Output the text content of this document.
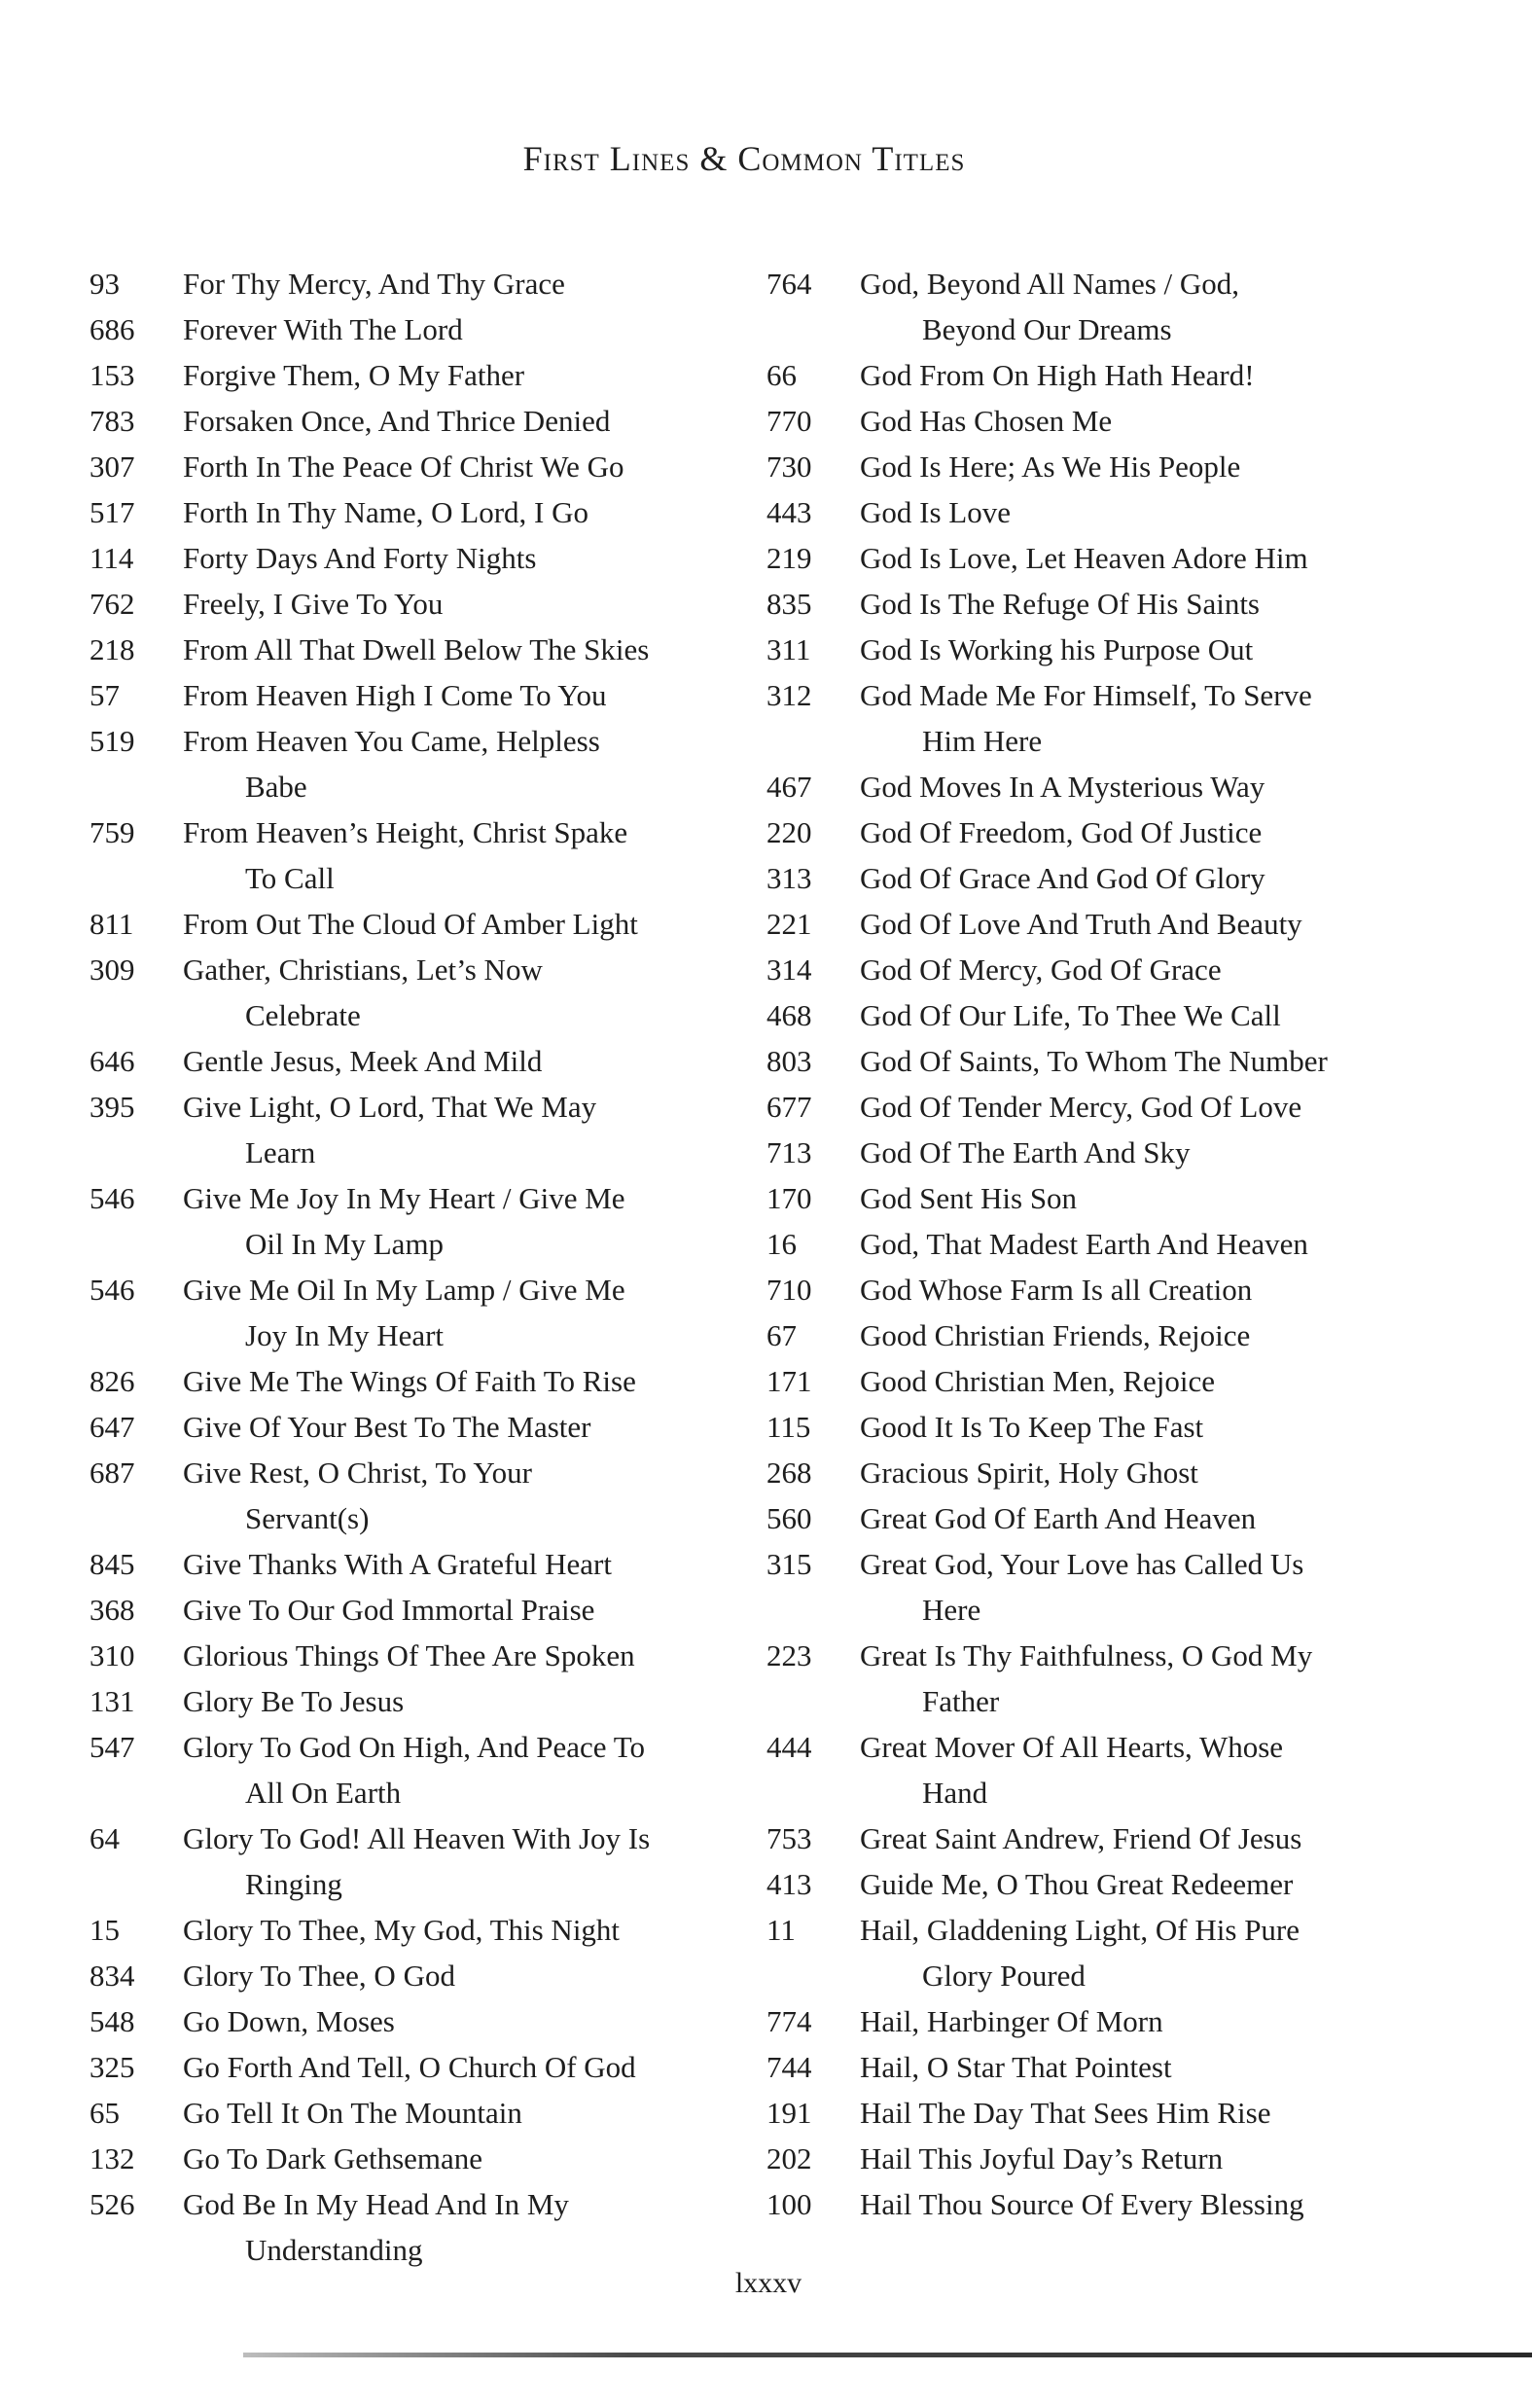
First Lines & Common Titles
93	For Thy Mercy, And Thy Grace
686	Forever With The Lord
153	Forgive Them, O My Father
783	Forsaken Once, And Thrice Denied
307	Forth In The Peace Of Christ We Go
517	Forth In Thy Name, O Lord, I Go
114	Forty Days And Forty Nights
762	Freely, I Give To You
218	From All That Dwell Below The Skies
57	From Heaven High I Come To You
519	From Heaven You Came, Helpless
Babe
759	From Heaven’s Height, Christ Spake
To Call
811	From Out The Cloud Of Amber Light
309	Gather, Christians, Let’s Now
Celebrate
646	Gentle Jesus, Meek And Mild
395	Give Light, O Lord, That We May
Learn
546	Give Me Joy In My Heart / Give Me
Oil In My Lamp
546	Give Me Oil In My Lamp / Give Me
Joy In My Heart
826	Give Me The Wings Of Faith To Rise
647	Give Of Your Best To The Master
687	Give Rest, O Christ, To Your
Servant(s)
845	Give Thanks With A Grateful Heart
368	Give To Our God Immortal Praise
310	Glorious Things Of Thee Are Spoken
131	Glory Be To Jesus
547	Glory To God On High, And Peace To
All On Earth
64	Glory To God! All Heaven With Joy Is
Ringing
15	Glory To Thee, My God, This Night
834	Glory To Thee, O God
548	Go Down, Moses
325	Go Forth And Tell, O Church Of God
65	Go Tell It On The Mountain
132	Go To Dark Gethsemane
526	God Be In My Head And In My
Understanding
764	God, Beyond All Names / God,
Beyond Our Dreams
66	God From On High Hath Heard!
770	God Has Chosen Me
730	God Is Here; As We His People
443	God Is Love
219	God Is Love, Let Heaven Adore Him
835	God Is The Refuge Of His Saints
311	God Is Working his Purpose Out
312	God Made Me For Himself, To Serve
Him Here
467	God Moves In A Mysterious Way
220	God Of Freedom, God Of Justice
313	God Of Grace And God Of Glory
221	God Of Love And Truth And Beauty
314	God Of Mercy, God Of Grace
468	God Of Our Life, To Thee We Call
803	God Of Saints, To Whom The Number
677	God Of Tender Mercy, God Of Love
713	God Of The Earth And Sky
170	God Sent His Son
16	God, That Madest Earth And Heaven
710	God Whose Farm Is all Creation
67	Good Christian Friends, Rejoice
171	Good Christian Men, Rejoice
115	Good It Is To Keep The Fast
268	Gracious Spirit, Holy Ghost
560	Great God Of Earth And Heaven
315	Great God, Your Love has Called Us
Here
223	Great Is Thy Faithfulness, O God My
Father
444	Great Mover Of All Hearts, Whose
Hand
753	Great Saint Andrew, Friend Of Jesus
413	Guide Me, O Thou Great Redeemer
11	Hail, Gladdening Light, Of His Pure
Glory Poured
774	Hail, Harbinger Of Morn
744	Hail, O Star That Pointest
191	Hail The Day That Sees Him Rise
202	Hail This Joyful Day’s Return
100	Hail Thou Source Of Every Blessing
lxxxv
